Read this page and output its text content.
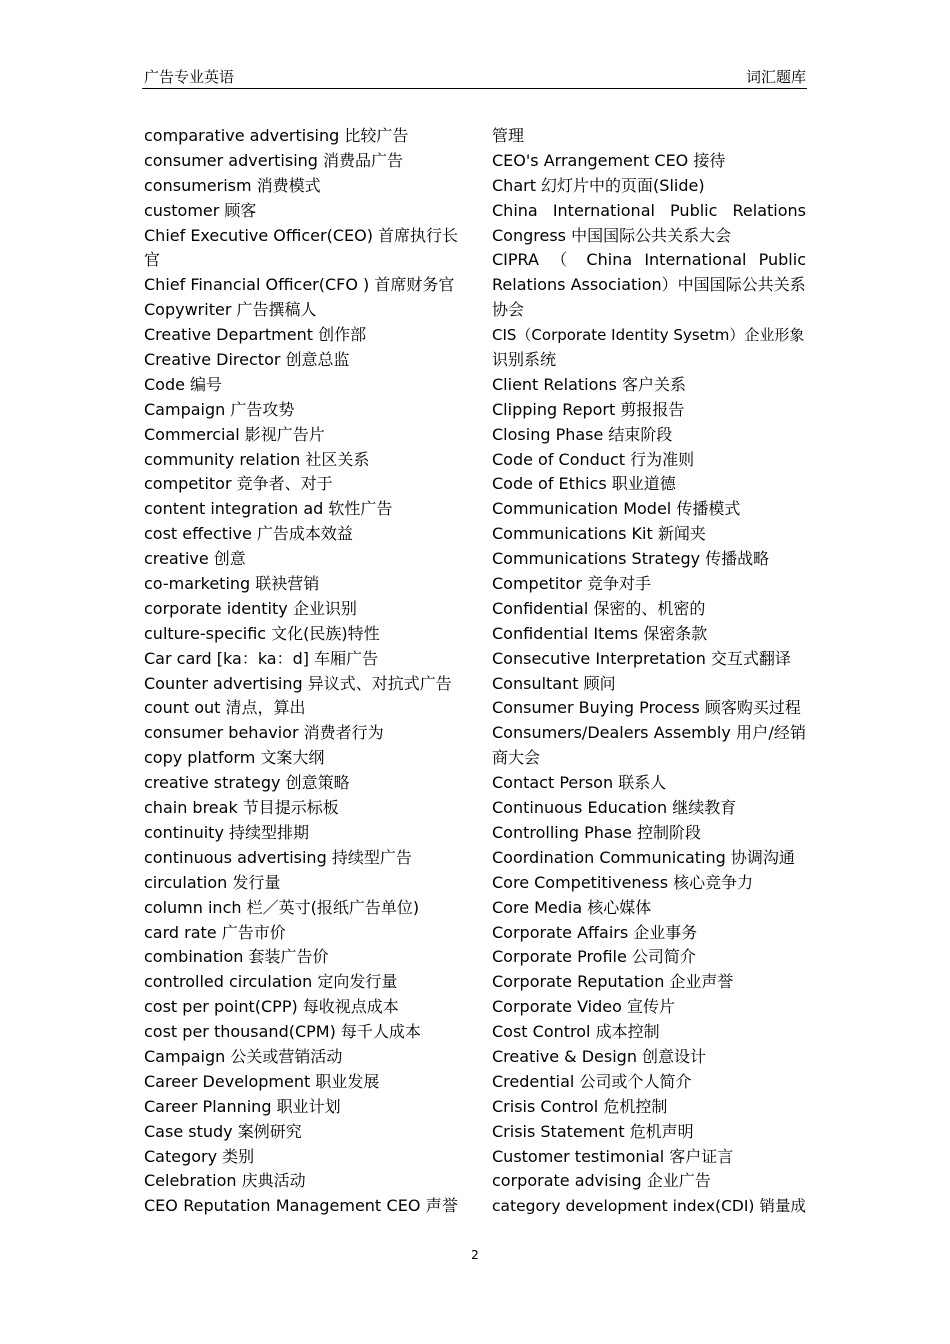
广告专业英语	词汇题库
comparative advertising 比较广告
consumer advertising 消费品广告
consumerism 消费模式
customer 顾客
Chief Executive Officer(CEO) 首席执行长
官
Chief Financial Officer(CFO ) 首席财务官
Copywriter 广告撰稿人
Creative Department 创作部
Creative Director 创意总监
Code 编号
Campaign 广告攻势
Commercial 影视广告片
community relation 社区关系
competitor 竞争者、对于
content integration ad 软性广告
cost effective 广告成本效益
creative 创意
co-marketing 联袂营销
corporate identity 企业识别
culture-specific 文化(民族)特性
Car card [ka：ka：d] 车厢广告
Counter advertising 异议式、对抗式广告
count out 清点，算出
consumer behavior 消费者行为
copy platform 文案大纲
creative strategy 创意策略
chain break 节目提示标板
continuity 持续型排期
continuous advertising 持续型广告
circulation 发行量
column inch 栏／英寸(报纸广告单位)
card rate 广告市价
combination 套装广告价
controlled circulation 定向发行量
cost per point(CPP) 每收视点成本
cost per thousand(CPM) 每千人成本
Campaign 公关或营销活动
Career Development 职业发展
Career Planning 职业计划
Case study 案例研究
Category 类别
Celebration 庆典活动
CEO Reputation Management CEO 声誉
管理
CEO's Arrangement CEO 接待
Chart 幻灯片中的页面(Slide)
China International Public Relations
Congress 中国国际公共关系大会
CIPRA （ China International Public
Relations Association）中国国际公共关系
协会
CIS（Corporate Identity Sysetm）企业形象
识别系统
Client Relations 客户关系
Clipping Report 剪报报告
Closing Phase 结束阶段
Code of Conduct 行为准则
Code of Ethics 职业道德
Communication Model 传播模式
Communications Kit 新闻夹
Communications Strategy 传播战略
Competitor 竞争对手
Confidential 保密的、机密的
Confidential Items 保密条款
Consecutive Interpretation 交互式翻译
Consultant 顾问
Consumer Buying Process 顾客购买过程
Consumers/Dealers Assembly 用户/经销
商大会
Contact Person 联系人
Continuous Education 继续教育
Controlling Phase 控制阶段
Coordination Communicating 协调沟通
Core Competitiveness 核心竞争力
Core Media 核心媒体
Corporate Affairs 企业事务
Corporate Profile 公司简介
Corporate Reputation 企业声誉
Corporate Video 宣传片
Cost Control 成本控制
Creative & Design 创意设计
Credential 公司或个人简介
Crisis Control 危机控制
Crisis Statement 危机声明
Customer testimonial 客户证言
corporate advising 企业广告
category development index(CDI) 销量成
2
